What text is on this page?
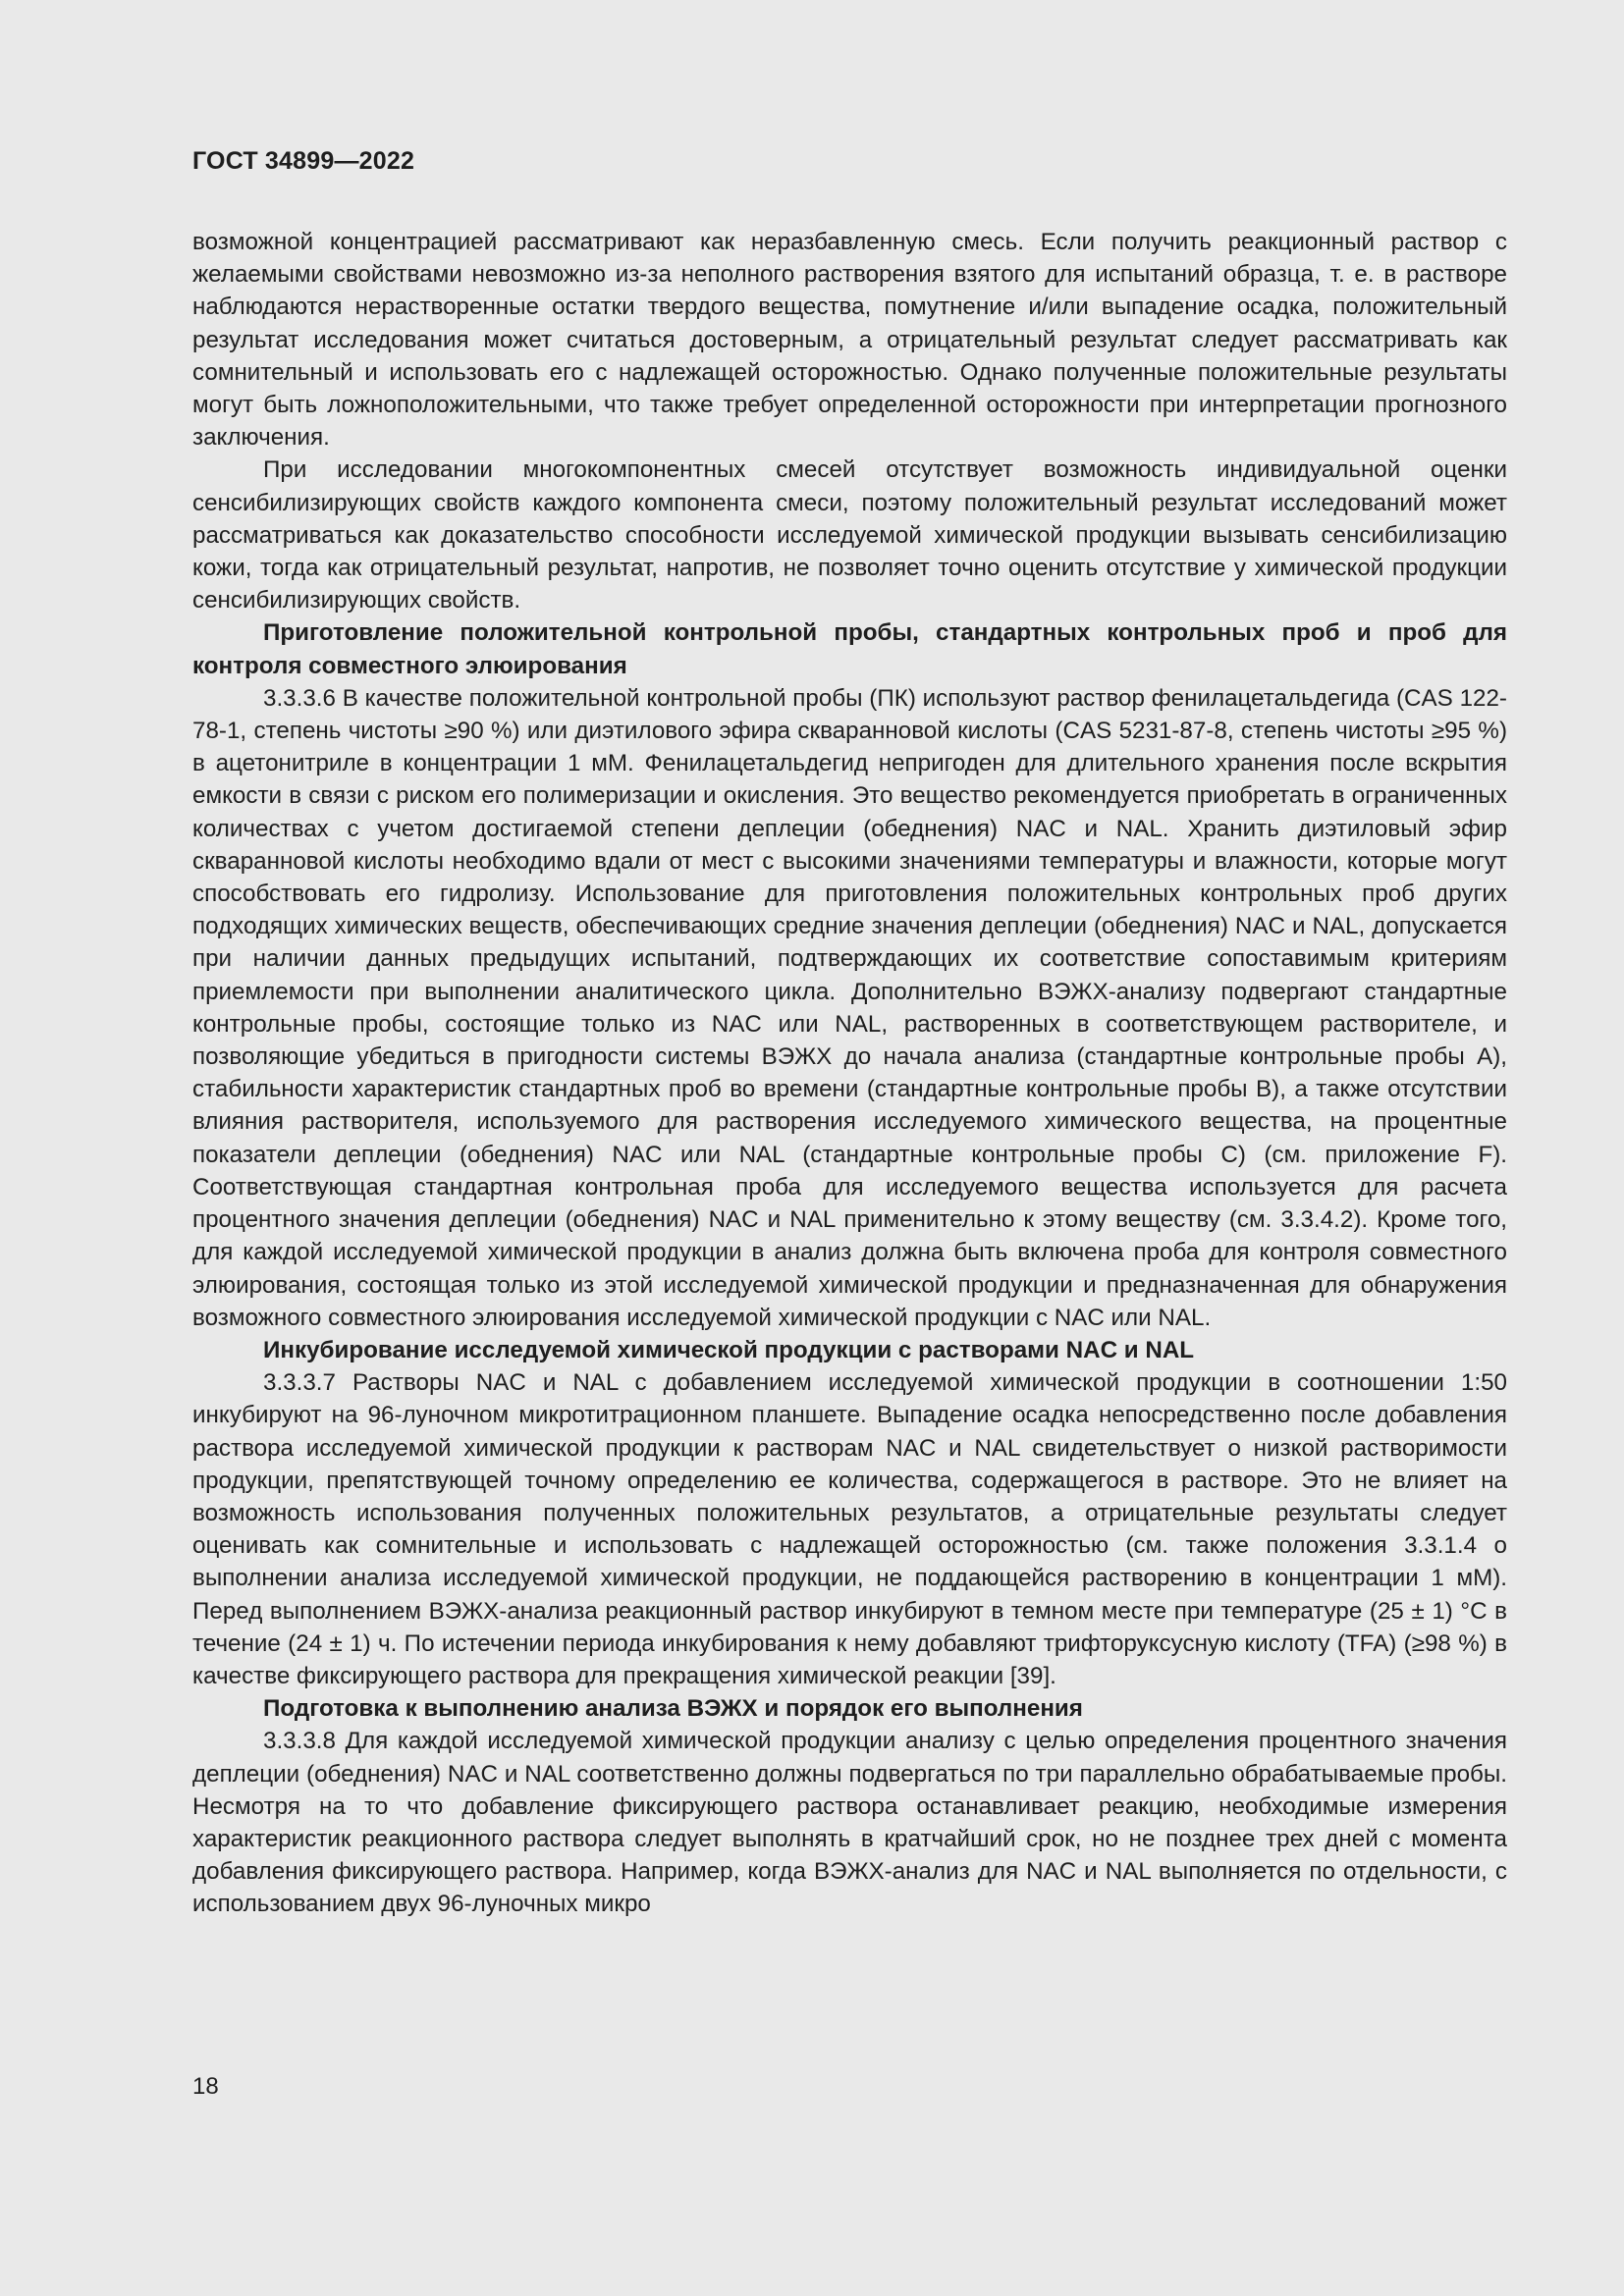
ГОСТ 34899—2022

возможной концентрацией рассматривают как неразбавленную смесь. Если получить реакционный раствор с желаемыми свойствами невозможно из-за неполного растворения взятого для испытаний образца, т. е. в растворе наблюдаются нерастворенные остатки твердого вещества, помутнение и/или выпадение осадка, положительный результат исследования может считаться достоверным, а отрицательный результат следует рассматривать как сомнительный и использовать его с надлежащей осторожностью. Однако полученные положительные результаты могут быть ложноположительными, что также требует определенной осторожности при интерпретации прогнозного заключения.

При исследовании многокомпонентных смесей отсутствует возможность индивидуальной оценки сенсибилизирующих свойств каждого компонента смеси, поэтому положительный результат исследований может рассматриваться как доказательство способности исследуемой химической продукции вызывать сенсибилизацию кожи, тогда как отрицательный результат, напротив, не позволяет точно оценить отсутствие у химической продукции сенсибилизирующих свойств.

Приготовление положительной контрольной пробы, стандартных контрольных проб и проб для контроля совместного элюирования

3.3.3.6 В качестве положительной контрольной пробы (ПК) используют раствор фенилацетальдегида (CAS 122-78-1, степень чистоты ≥90 %) или диэтилового эфира скваранновой кислоты (CAS 5231-87-8, степень чистоты ≥95 %) в ацетонитриле в концентрации 1 мМ. Фенилацетальдегид непригоден для длительного хранения после вскрытия емкости в связи с риском его полимеризации и окисления. Это вещество рекомендуется приобретать в ограниченных количествах с учетом достигаемой степени деплеции (обеднения) NAC и NAL. Хранить диэтиловый эфир скваранновой кислоты необходимо вдали от мест с высокими значениями температуры и влажности, которые могут способствовать его гидролизу. Использование для приготовления положительных контрольных проб других подходящих химических веществ, обеспечивающих средние значения деплеции (обеднения) NAC и NAL, допускается при наличии данных предыдущих испытаний, подтверждающих их соответствие сопоставимым критериям приемлемости при выполнении аналитического цикла. Дополнительно ВЭЖХ-анализу подвергают стандартные контрольные пробы, состоящие только из NAC или NAL, растворенных в соответствующем растворителе, и позволяющие убедиться в пригодности системы ВЭЖХ до начала анализа (стандартные контрольные пробы A), стабильности характеристик стандартных проб во времени (стандартные контрольные пробы B), а также отсутствии влияния растворителя, используемого для растворения исследуемого химического вещества, на процентные показатели деплеции (обеднения) NAC или NAL (стандартные контрольные пробы C) (см. приложение F). Соответствующая стандартная контрольная проба для исследуемого вещества используется для расчета процентного значения деплеции (обеднения) NAC и NAL применительно к этому веществу (см. 3.3.4.2). Кроме того, для каждой исследуемой химической продукции в анализ должна быть включена проба для контроля совместного элюирования, состоящая только из этой исследуемой химической продукции и предназначенная для обнаружения возможного совместного элюирования исследуемой химической продукции с NAC или NAL.

Инкубирование исследуемой химической продукции с растворами NAC и NAL

3.3.3.7 Растворы NAC и NAL с добавлением исследуемой химической продукции в соотношении 1:50 инкубируют на 96-луночном микротитрационном планшете. Выпадение осадка непосредственно после добавления раствора исследуемой химической продукции к растворам NAC и NAL свидетельствует о низкой растворимости продукции, препятствующей точному определению ее количества, содержащегося в растворе. Это не влияет на возможность использования полученных положительных результатов, а отрицательные результаты следует оценивать как сомнительные и использовать с надлежащей осторожностью (см. также положения 3.3.1.4 о выполнении анализа исследуемой химической продукции, не поддающейся растворению в концентрации 1 мМ). Перед выполнением ВЭЖХ-анализа реакционный раствор инкубируют в темном месте при температуре (25 ± 1) °C в течение (24 ± 1) ч. По истечении периода инкубирования к нему добавляют трифторуксусную кислоту (TFA) (≥98 %) в качестве фиксирующего раствора для прекращения химической реакции [39].

Подготовка к выполнению анализа ВЭЖХ и порядок его выполнения

3.3.3.8 Для каждой исследуемой химической продукции анализу с целью определения процентного значения деплеции (обеднения) NAC и NAL соответственно должны подвергаться по три параллельно обрабатываемые пробы. Несмотря на то что добавление фиксирующего раствора останавливает реакцию, необходимые измерения характеристик реакционного раствора следует выполнять в кратчайший срок, но не позднее трех дней с момента добавления фиксирующего раствора. Например, когда ВЭЖХ-анализ для NAC и NAL выполняется по отдельности, с использованием двух 96-луночных микро

18
